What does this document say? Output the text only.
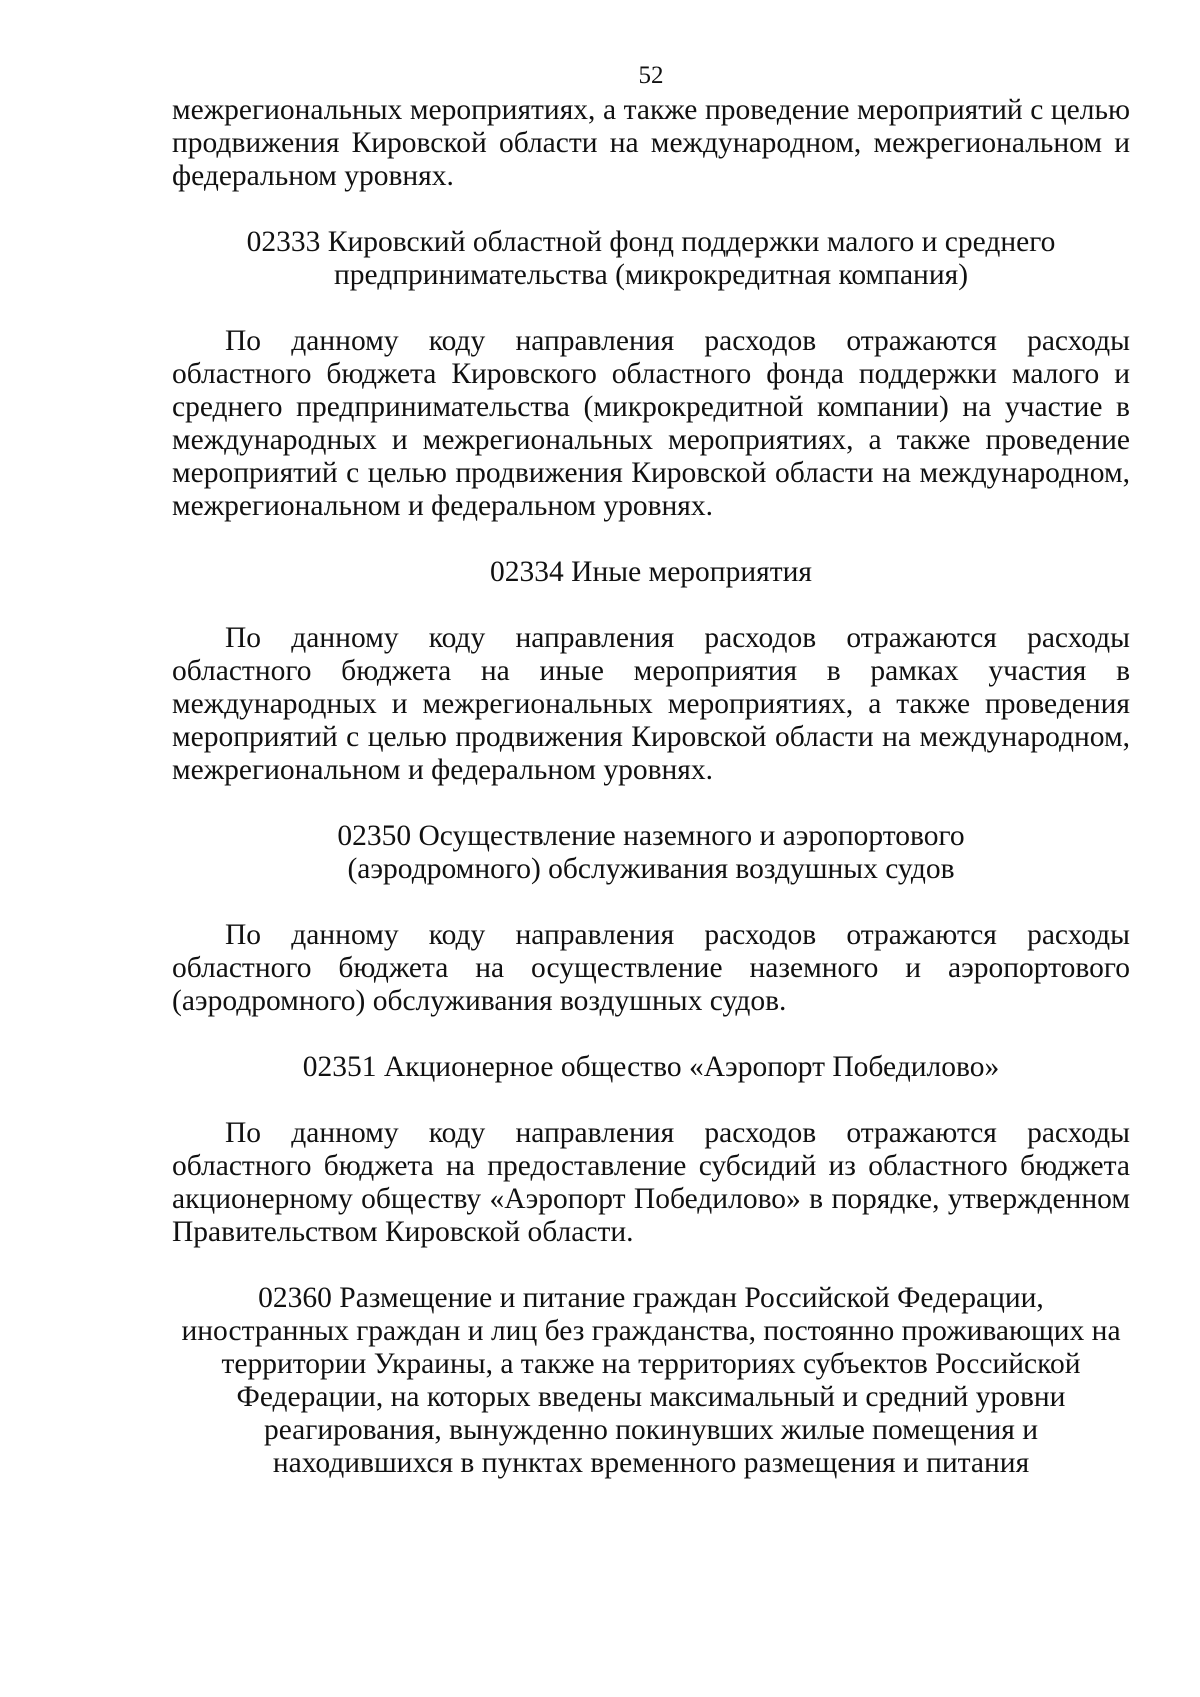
52

межрегиональных мероприятиях, а также проведение мероприятий с целью продвижения Кировской области на международном, межрегиональном и федеральном уровнях.

02333 Кировский областной фонд поддержки малого и среднего предпринимательства (микрокредитная компания)

По данному коду направления расходов отражаются расходы областного бюджета Кировского областного фонда поддержки малого и среднего предпринимательства (микрокредитной компании) на участие в международных и межрегиональных мероприятиях, а также проведение мероприятий с целью продвижения Кировской области на международном, межрегиональном и федеральном уровнях.

02334 Иные мероприятия

По данному коду направления расходов отражаются расходы областного бюджета на иные мероприятия в рамках участия в международных и межрегиональных мероприятиях, а также проведения мероприятий с целью продвижения Кировской области на международном, межрегиональном и федеральном уровнях.

02350 Осуществление наземного и аэропортового (аэродромного) обслуживания воздушных судов

По данному коду направления расходов отражаются расходы областного бюджета на осуществление наземного и аэропортового (аэродромного) обслуживания воздушных судов.

02351 Акционерное общество «Аэропорт Победилово»

По данному коду направления расходов отражаются расходы областного бюджета на предоставление субсидий из областного бюджета акционерному обществу «Аэропорт Победилово» в порядке, утвержденном Правительством Кировской области.

02360 Размещение и питание граждан Российской Федерации, иностранных граждан и лиц без гражданства, постоянно проживающих на территории Украины, а также на территориях субъектов Российской Федерации, на которых введены максимальный и средний уровни реагирования, вынужденно покинувших жилые помещения и находившихся в пунктах временного размещения и питания
